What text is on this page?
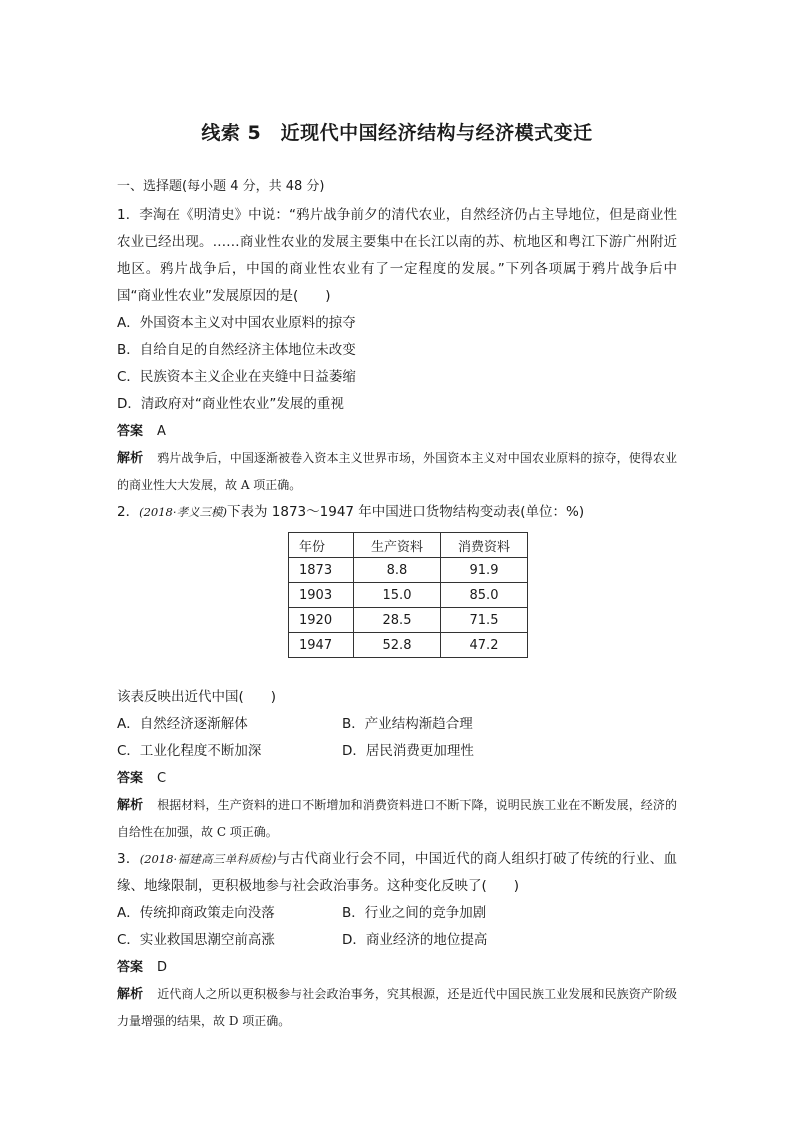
线索 5　近现代中国经济结构与经济模式变迁
一、选择题(每小题 4 分，共 48 分)

1．李淘在《明清史》中说：“鸦片战争前夕的清代农业，自然经济仍占主导地位，但是商业性农业已经出现。……商业性农业的发展主要集中在长江以南的苏、杭地区和粤江下游广州附近地区。鸦片战争后，中国的商业性农业有了一定程度的发展。”下列各项属于鸦片战争后中国“商业性农业”发展原因的是(　　)

A．外国资本主义对中国农业原料的掠夺

B．自给自足的自然经济主体地位未改变

C．民族资本主义企业在夹缝中日益萎缩

D．清政府对“商业性农业”发展的重视

答案 A
解析 鸦片战争后，中国逐渐被卷入资本主义世界市场，外国资本主义对中国农业原料的掠夺，使得农业的商业性大大发展，故 A 项正确。

2．(2018·孝义三模)下表为 1873～1947 年中国进口货物结构变动表(单位：%)

年份	生产资料	消费资料
1873	8.8	91.9
1903	15.0	85.0
1920	28.5	71.5
1947	52.8	47.2

该表反映出近代中国(　　)

A．自然经济逐渐解体	B．产业结构渐趋合理

C．工业化程度不断加深	D．居民消费更加理性

答案 C
解析 根据材料，生产资料的进口不断增加和消费资料进口不断下降，说明民族工业在不断发展，经济的自给性在加强，故 C 项正确。

3．(2018·福建高三单科质检)与古代商业行会不同，中国近代的商人组织打破了传统的行业、血缘、地缘限制，更积极地参与社会政治事务。这种变化反映了(　　)

A．传统抑商政策走向没落	B．行业之间的竞争加剧

C．实业救国思潮空前高涨	D．商业经济的地位提高

答案 D
解析 近代商人之所以更积极参与社会政治事务，究其根源，还是近代中国民族工业发展和民族资产阶级力量增强的结果，故 D 项正确。
